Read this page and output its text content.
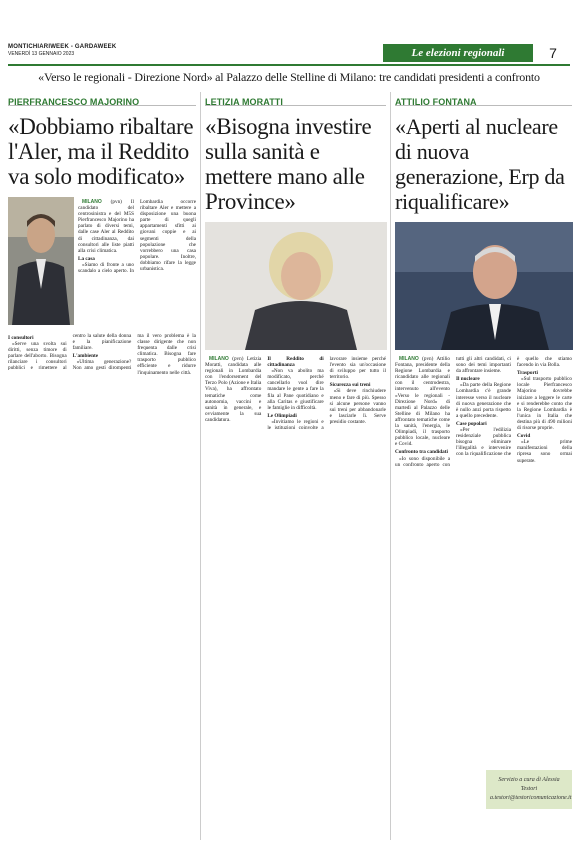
MONTICHIARIWEEK - GARDAWEEK
VENERDÌ 13 GENNAIO 2023	Le elezioni regionali	7
«Verso le regionali - Direzione Nord» al Palazzo delle Stelline di Milano: tre candidati presidenti a confronto
PIERFRANCESCO MAJORINO
«Dobbiamo ribaltare l'Aler, ma il Reddito va solo modificato»

MILANO (pvn) Il candidato del centrosinistra e del M5S Pierfrancesco Majorino ha parlato di diversi temi, dalle case Aler al Reddito di cittadinanza, dai consultori alle liste piatti alla crisi climatica.

La casa

«Siamo di fronte a uno scandalo a cielo aperto. In Lombardia occorre ribaltare Aler e mettere a disposizione una buona parte di quegli appartamenti sfitti ai giovani coppie e ai segmenti della popolazione che vorrebbero una casa popolare. Inoltre, dobbiamo rifare la legge urbanistica.

I consultori

«Serve una svolta sui diritti, senza timore di parlare dell'aborto. Bisogna rilanciare i consultori pubblici e rimettere al centro la salute della donna e la pianificazione familiare.

L'ambiente

«Ultima generazione? Non amo gesti dirompenti ma il vero problema è la classe dirigente che non frequenta dalle crisi climatica. Bisogna fare trasporto pubblico efficiente e ridurre l'inquinamento nelle città.

LETIZIA MORATTI
«Bisogna investire sulla sanità e mettere mano alle Province»

MILANO (pvn) Letizia Moratti, candidata alle regionali in Lombardia con l'endorsement del Terzo Polo (Azione e Italia Viva), ha affrontato tematiche come autonomia, vaccini e sanità in generale, e ovviamente la sua candidatura.

Il Reddito di cittadinanza

«Non va abolito ma modificato, perché cancellarlo vuol dire mandare le gente a fare la fila al Pane quotidiano e alla Caritas e giustificare le famiglie in difficoltà.

Le Olimpiadi

«Invitiamo le regioni e le istituzioni coinvolte a lavorare insieme perché l'evento sia un'occasione di sviluppo per tutto il territorio.

Sicurezza sui treni

«Si deve rinchiudere meno e fare di più. Spesso si alcune persone vanno sui treni per abbandonarle e lasciarle lì. Serve presidio costante.

ATTILIO FONTANA
«Aperti al nucleare di nuova generazione, Erp da riqualificare»

MILANO (pvn) Attilio Fontana, presidente della Regione Lombardia e ricandidato alle regionali con il centrodestra, intervenuto all'evento «Verso le regionali - Direzione Nord» di martedì al Palazzo delle Stelline di Milano ha affrontato tematiche come la sanità, l'energia, le Olimpiadi, il trasporto pubblico locale, nucleare e Covid.

Confronto tra candidati

«Io sono disponibile a un confronto aperto con tutti gli altri candidati, ci sono dei temi importanti da affrontare insieme.

Il nucleare

«Da parte della Regione Lombardia c'è grande interesse verso il nucleare di nuova generazione che è nullo anzi porta rispetto a quello precedente.

Case popolari

«Per l'edilizia residenziale pubblica bisogna eliminare l'illegalità e intervenire con la riqualificazione che è quello che stiamo facendo in via Bolla.

Trasporti

«Sul trasporto pubblico locale Pierfrancesco Majorino dovrebbe iniziare a leggere le carte e si renderebbe conto che la Regione Lombardia è l'unica in Italia che destina più di 490 milioni di risorse proprie.

Covid

«Le prime manifestazioni della ripresa sono ormai superate.

Servizio a cura di Alessia Testori
a.testori@testoricomunicazione.it
